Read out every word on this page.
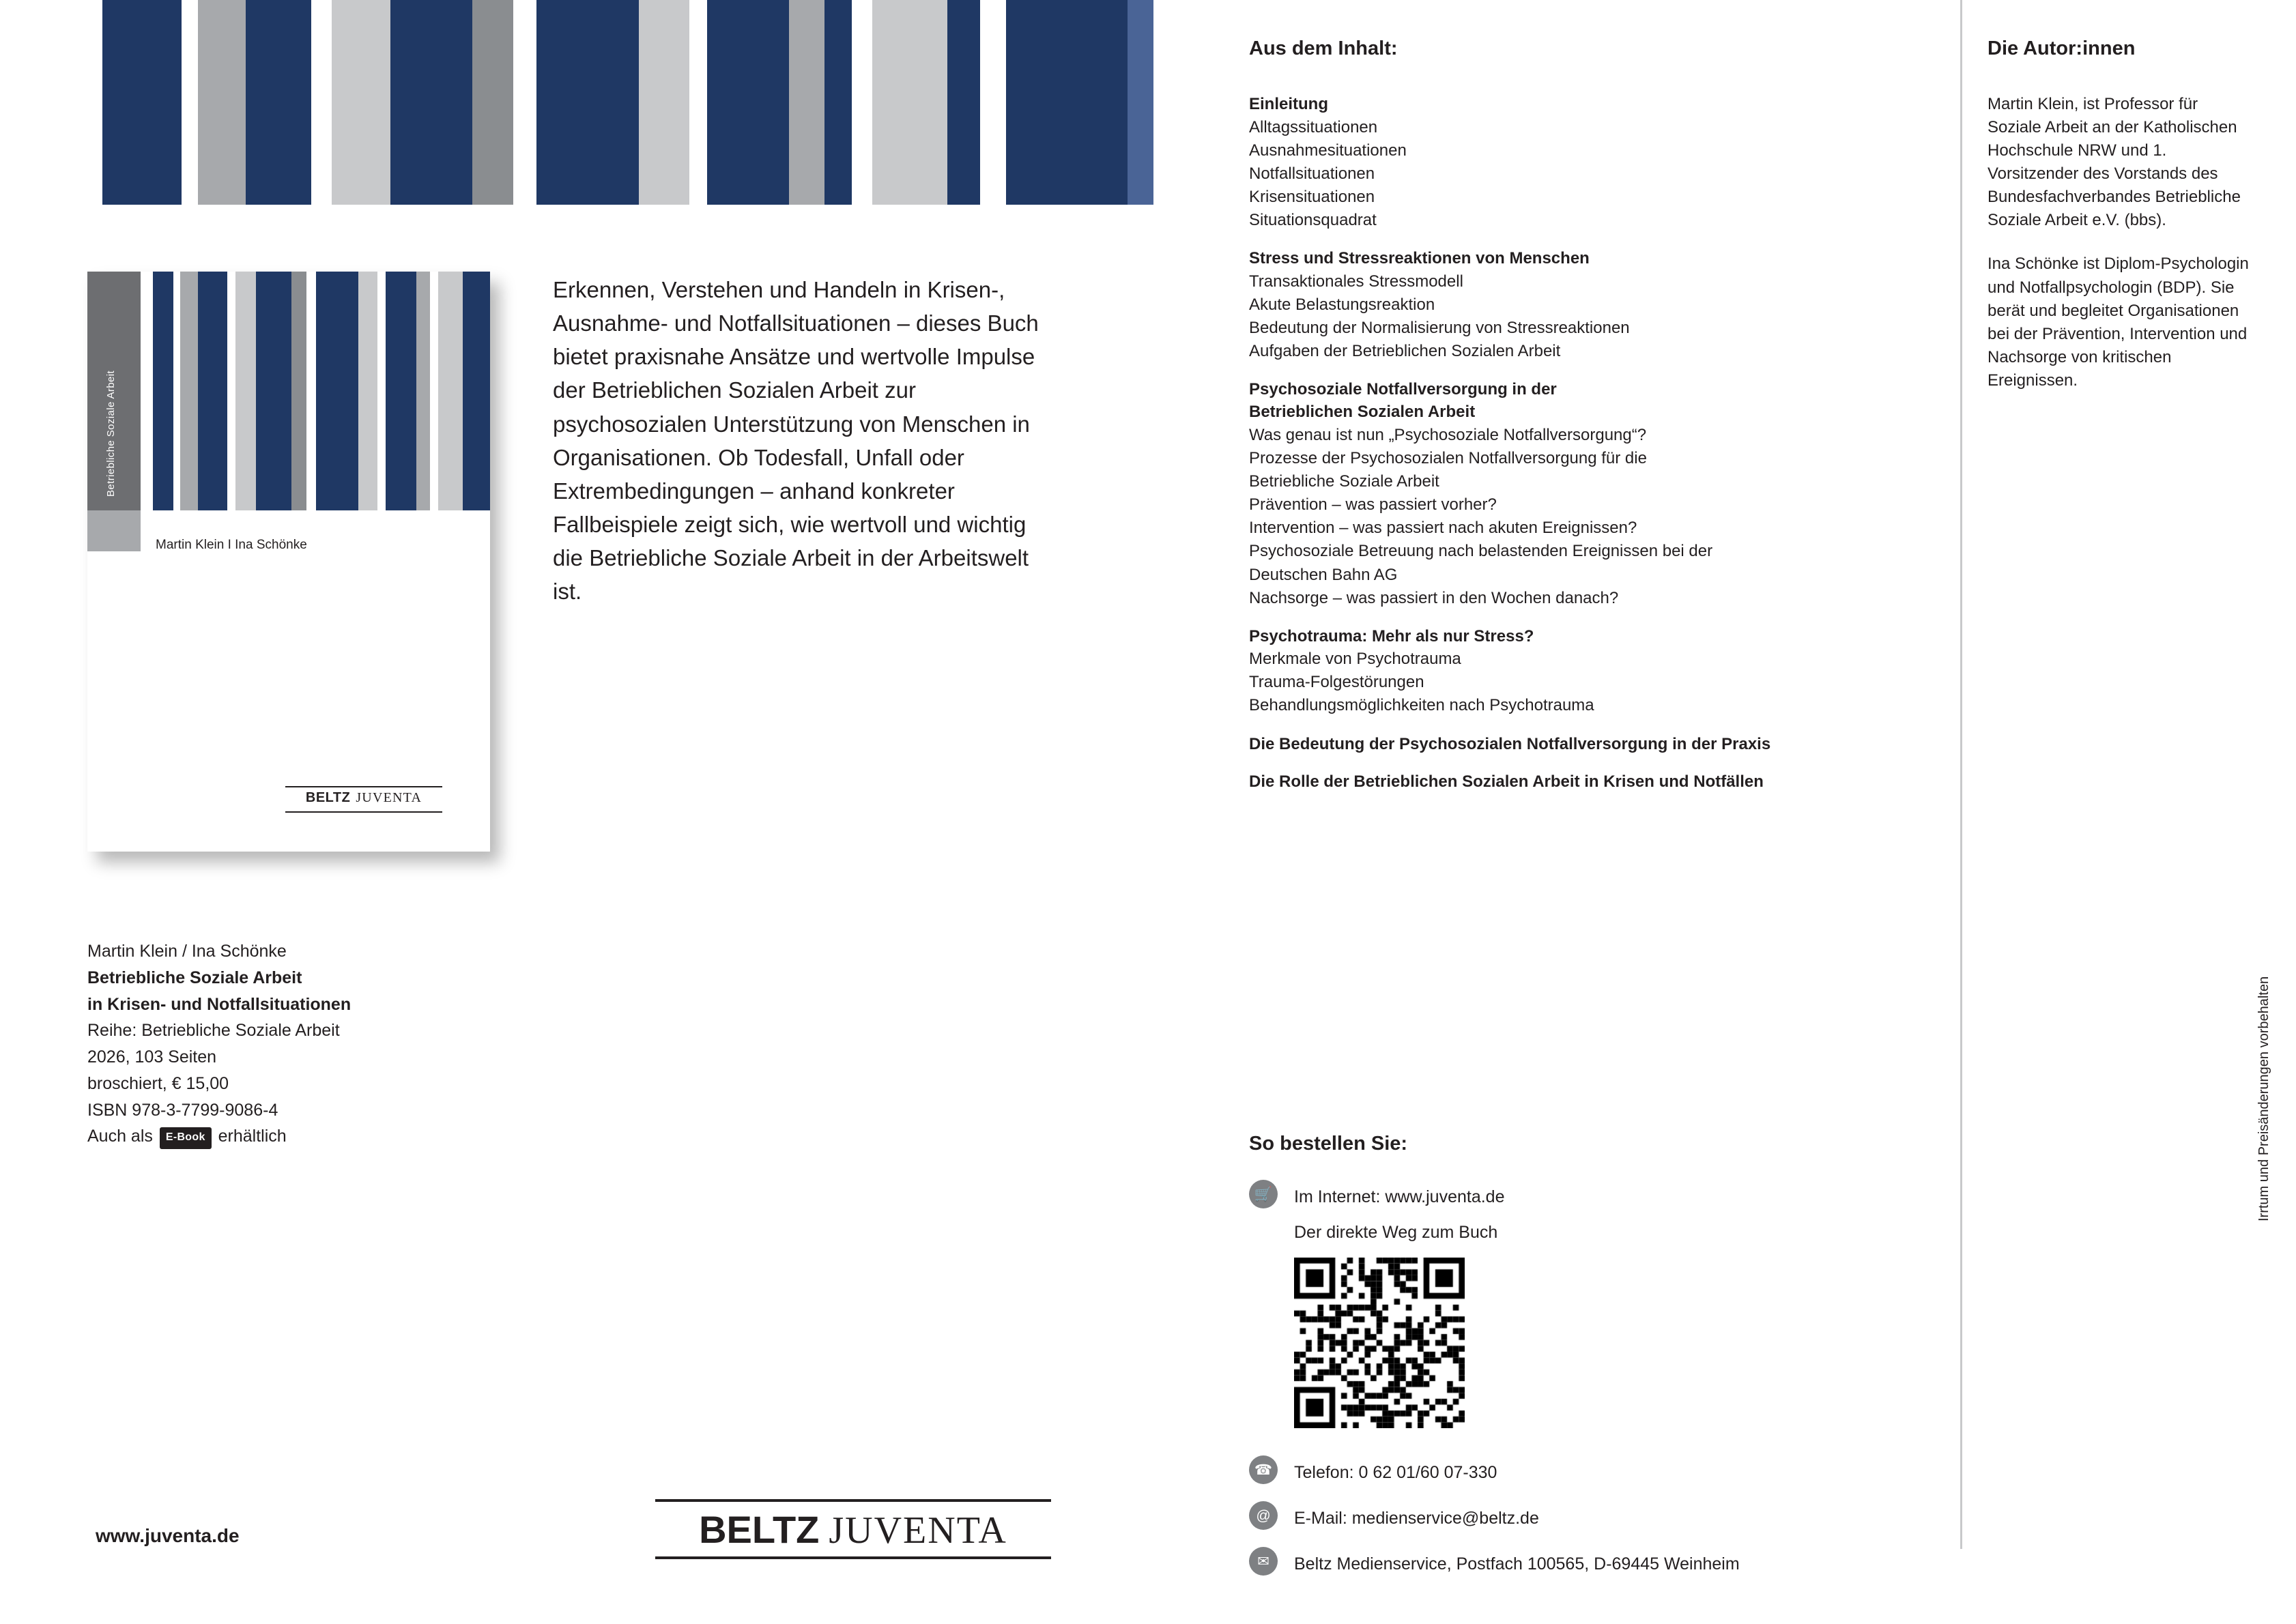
Betriebliche Soziale Arbeit
Martin Klein I Ina Schönke
BELTZ JUVENTA
Erkennen, Verstehen und Handeln in Krisen-, Ausnahme- und Notfallsituationen – dieses Buch bietet praxisnahe Ansätze und wertvolle Impulse der Betrieblichen Sozialen Arbeit zur psychosozialen Unterstützung von Menschen in Organisationen. Ob Todesfall, Unfall oder Extrembedingungen – anhand konkreter Fallbeispiele zeigt sich, wie wertvoll und wichtig die Betriebliche Soziale Arbeit in der Arbeitswelt ist.
Martin Klein / Ina Schönke
Betriebliche Soziale Arbeit
in Krisen- und Notfallsituationen
Reihe: Betriebliche Soziale Arbeit
2026, 103 Seiten
broschiert, € 15,00
ISBN 978-3-7799-9086-4
Auch als E-Book erhältlich
www.juventa.de	BELTZ JUVENTA
Aus dem Inhalt:
Einleitung
Alltagssituationen
Ausnahmesituationen
Notfallsituationen
Krisensituationen
Situationsquadrat
Stress und Stressreaktionen von Menschen
Transaktionales Stressmodell
Akute Belastungsreaktion
Bedeutung der Normalisierung von Stressreaktionen
Aufgaben der Betrieblichen Sozialen Arbeit
Psychosoziale Notfallversorgung in der
Betrieblichen Sozialen Arbeit
Was genau ist nun „Psychosoziale Notfallversorgung“?
Prozesse der Psychosozialen Notfallversorgung für die
Betriebliche Soziale Arbeit
Prävention – was passiert vorher?
Intervention – was passiert nach akuten Ereignissen?
Psychosoziale Betreuung nach belastenden Ereignissen bei der
Deutschen Bahn AG
Nachsorge – was passiert in den Wochen danach?
Psychotrauma: Mehr als nur Stress?
Merkmale von Psychotrauma
Trauma-Folgestörungen
Behandlungsmöglichkeiten nach Psychotrauma
Die Bedeutung der Psychosozialen Notfallversorgung in der Praxis
Die Rolle der Betrieblichen Sozialen Arbeit in Krisen und Notfällen
So bestellen Sie:
🛒	Im Internet: www.juventa.de
Der direkte Weg zum Buch
☎	Telefon: 0 62 01/60 07-330
@	E-Mail: medienservice@beltz.de
✉	Beltz Medienservice, Postfach 100565, D-69445 Weinheim
Die Autor:innen
Martin Klein, ist Professor für Soziale Arbeit an der Katholischen Hochschule NRW und 1. Vorsitzender des Vorstands des Bundesfachverbandes Betriebliche Soziale Arbeit e.V. (bbs).
Ina Schönke ist Diplom-Psychologin und Notfallpsychologin (BDP). Sie berät und begleitet Organisationen bei der Prävention, Intervention und Nachsorge von kritischen Ereignissen.
Irrtum und Preisänderungen vorbehalten
